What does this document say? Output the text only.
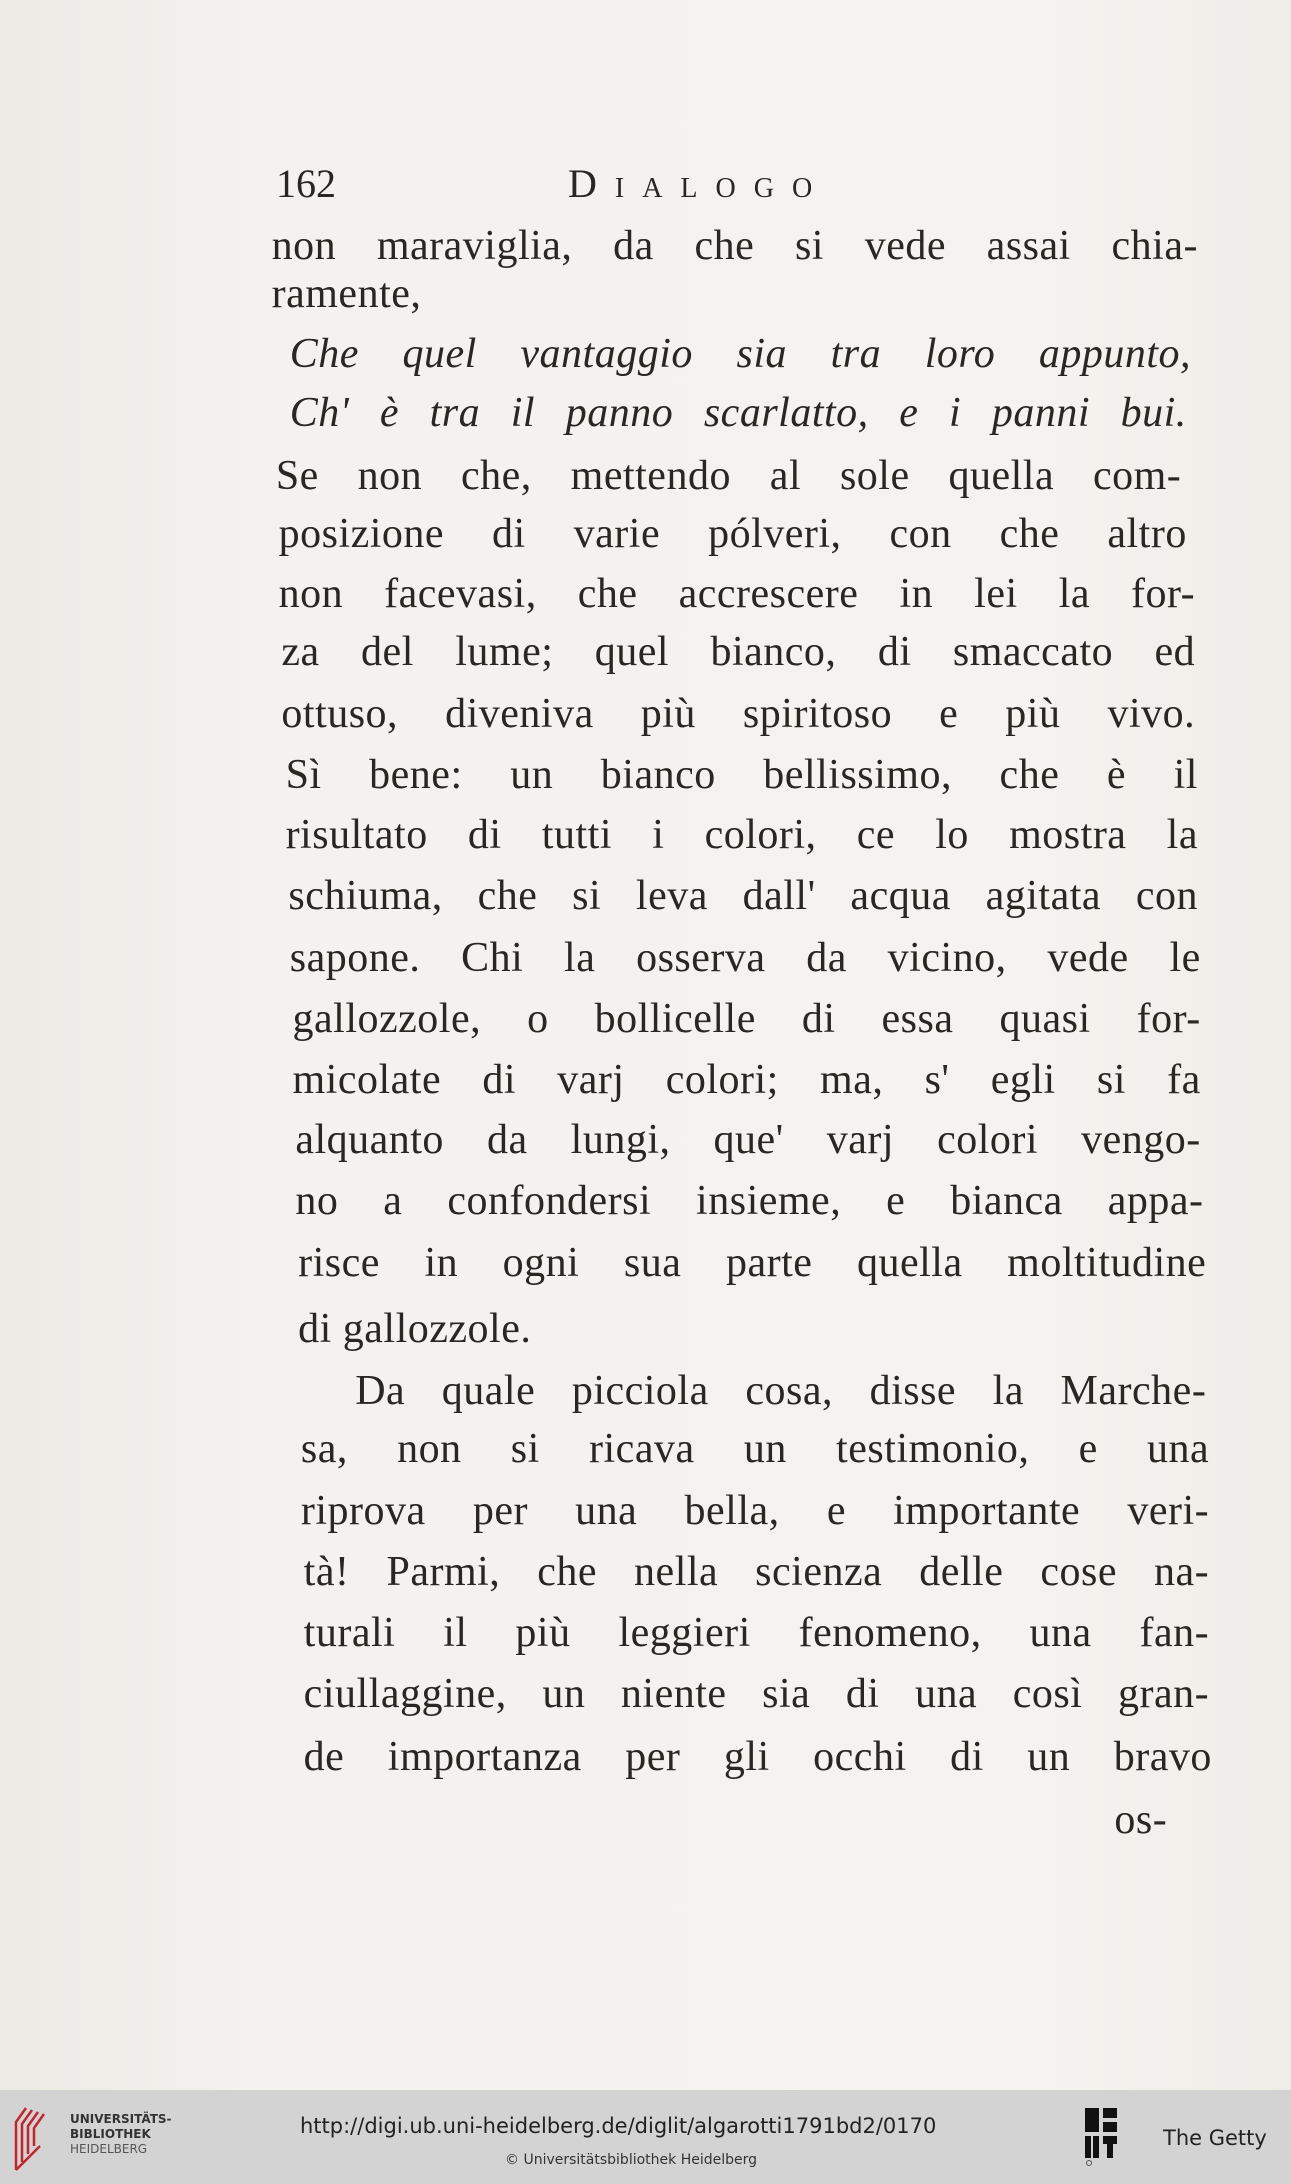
162	Dialogo
non maraviglia, da che si vede assai chia-
ramente,
Che quel vantaggio sia tra loro appunto,
Ch' è tra il panno scarlatto, e i panni bui.
Se non che, mettendo al sole quella com-
posizione di varie pólveri, con che altro
non facevasi, che accrescere in lei la for-
za del lume; quel bianco, di smaccato ed
ottuso, diveniva più spiritoso e più vivo.
Sì bene: un bianco bellissimo, che è il
risultato di tutti i colori, ce lo mostra la
schiuma, che si leva dall' acqua agitata con
sapone. Chi la osserva da vicino, vede le
gallozzole, o bollicelle di essa quasi for-
micolate di varj colori; ma, s' egli si fa
alquanto da lungi, que' varj colori vengo-
no a confondersi insieme, e bianca appa-
risce in ogni sua parte quella moltitudine
di gallozzole.
Da quale picciola cosa, disse la Marche-
sa, non si ricava un testimonio, e una
riprova per una bella, e importante veri-
tà! Parmi, che nella scienza delle cose na-
turali il più leggieri fenomeno, una fan-
ciullaggine, un niente sia di una così gran-
de importanza per gli occhi di un bravo
os-
UNIVERSITÄTS-
BIBLIOTHEK
HEIDELBERG
http://digi.ub.uni-heidelberg.de/diglit/algarotti1791bd2/0170
© Universitätsbibliothek Heidelberg
The Getty
